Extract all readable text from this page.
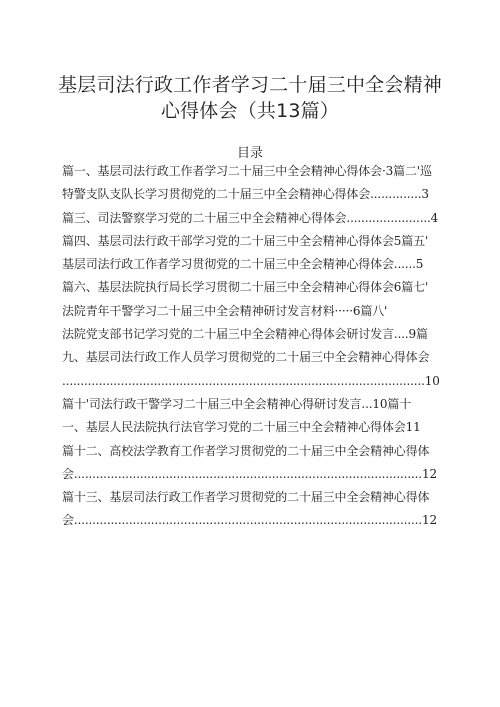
基层司法行政工作者学习二十届三中全会精神
心得体会（共13篇）
目录
篇一、基层司法行政工作者学习二十届三中全会精神心得体会·3篇二'巡
特警支队支队长学习贯彻党的二十届三中全会精神心得体会..............3
篇三、司法警察学习党的二十届三中全会精神心得体会.......................4
篇四、基层司法行政干部学习党的二十届三中全会精神心得体会5篇五'
基层司法行政工作者学习贯彻党的二十届三中全会精神心得体会......5
篇六、基层法院执行局长学习贯彻二十届三中全会精神心得体会6篇七'
法院青年干警学习二十届三中全会精神研讨发言材料·····6篇八'
法院党支部书记学习党的二十届三中全会精神心得体会研讨发言....9篇
九、基层司法行政工作人员学习贯彻党的二十届三中全会精神心得体会
...................................................................................................10
篇十'司法行政干警学习二十届三中全会精神心得研讨发言...10篇十
一、基层人民法院执行法官学习党的二十届三中全会精神心得体会11
篇十二、高校法学教育工作者学习贯彻党的二十届三中全会精神心得体
会...............................................................................................12
篇十三、基层司法行政工作者学习贯彻党的二十届三中全会精神心得体
会...............................................................................................12
